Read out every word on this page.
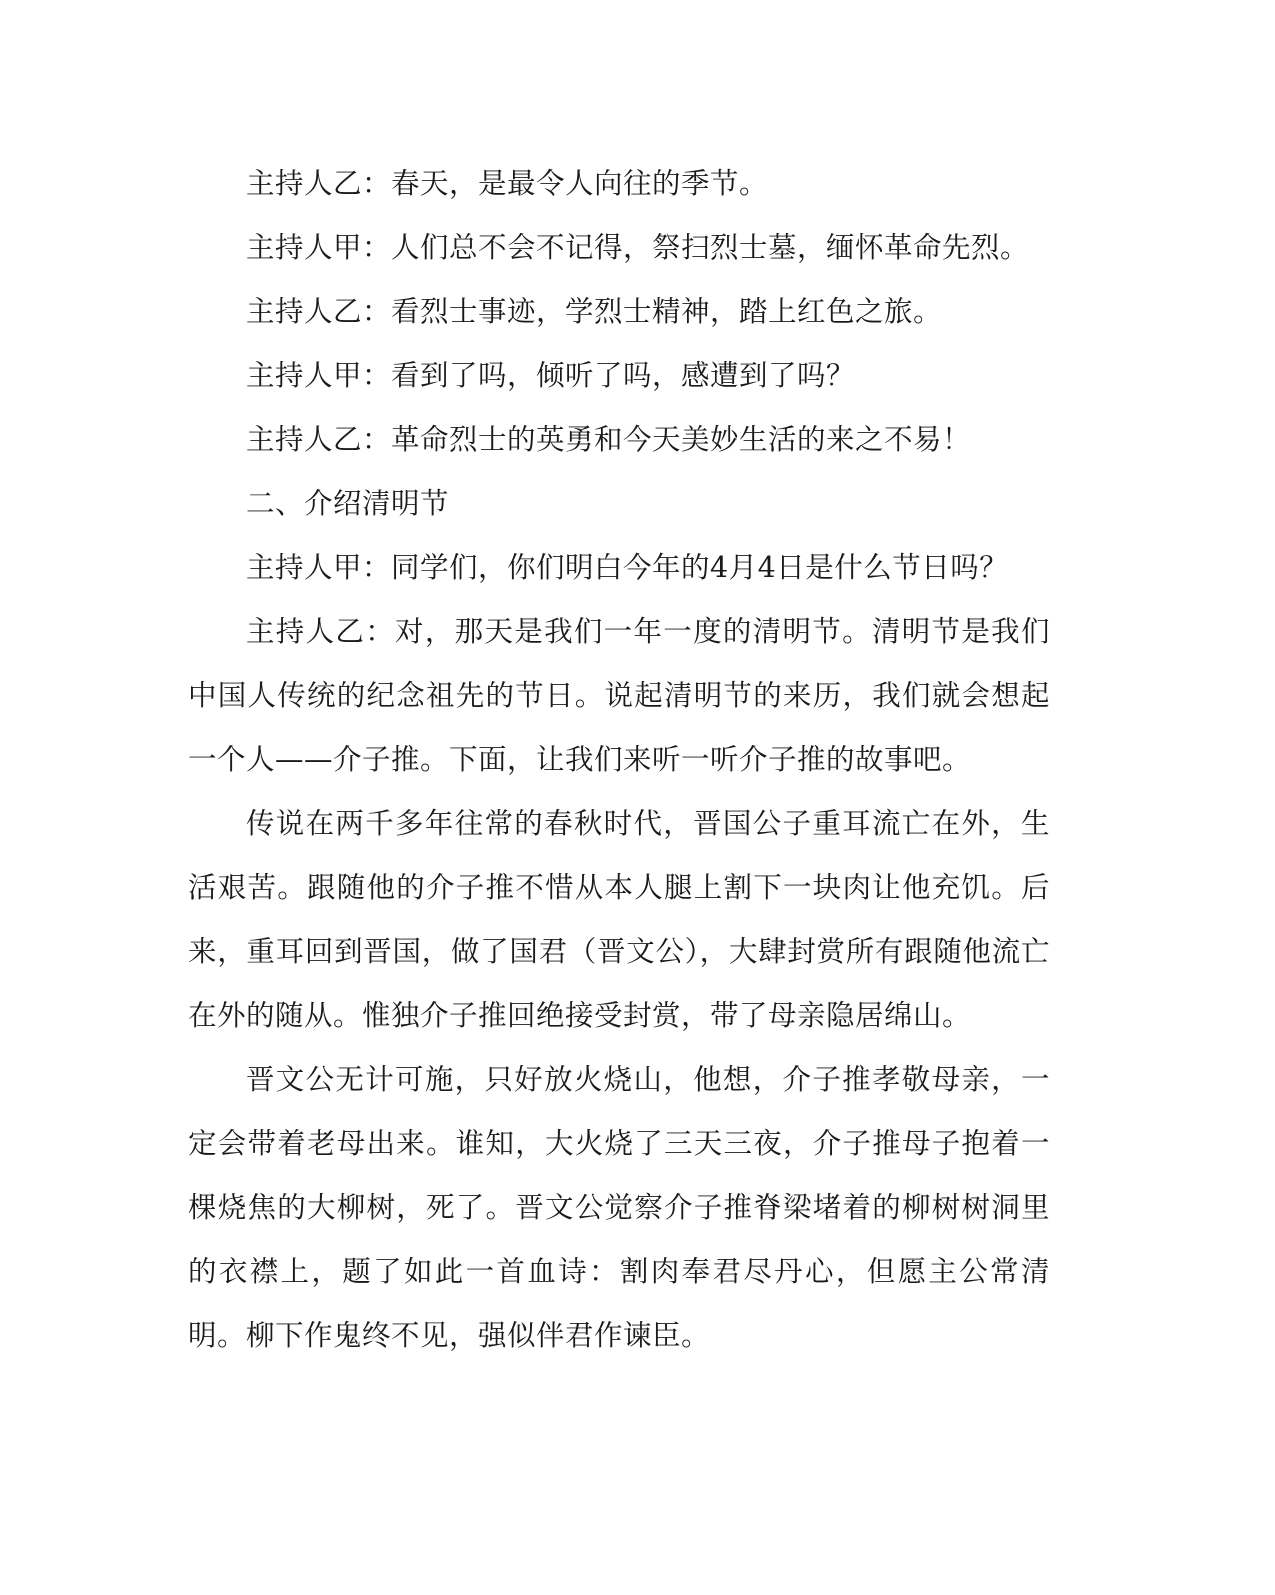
主持人乙：春天，是最令人向往的季节。

主持人甲：人们总不会不记得，祭扫烈士墓，缅怀革命先烈。

主持人乙：看烈士事迹，学烈士精神，踏上红色之旅。

主持人甲：看到了吗，倾听了吗，感遭到了吗？

主持人乙：革命烈士的英勇和今天美妙生活的来之不易！

二、介绍清明节

主持人甲：同学们，你们明白今年的4月4日是什么节日吗？

主持人乙：对，那天是我们一年一度的清明节。清明节是我们中国人传统的纪念祖先的节日。说起清明节的来历，我们就会想起一个人——介子推。下面，让我们来听一听介子推的故事吧。

传说在两千多年往常的春秋时代，晋国公子重耳流亡在外，生活艰苦。跟随他的介子推不惜从本人腿上割下一块肉让他充饥。后来，重耳回到晋国，做了国君（晋文公），大肆封赏所有跟随他流亡在外的随从。惟独介子推回绝接受封赏，带了母亲隐居绵山。

晋文公无计可施，只好放火烧山，他想，介子推孝敬母亲，一定会带着老母出来。谁知，大火烧了三天三夜，介子推母子抱着一棵烧焦的大柳树，死了。晋文公觉察介子推脊梁堵着的柳树树洞里的衣襟上，题了如此一首血诗：割肉奉君尽丹心，但愿主公常清明。柳下作鬼终不见，强似伴君作谏臣。
